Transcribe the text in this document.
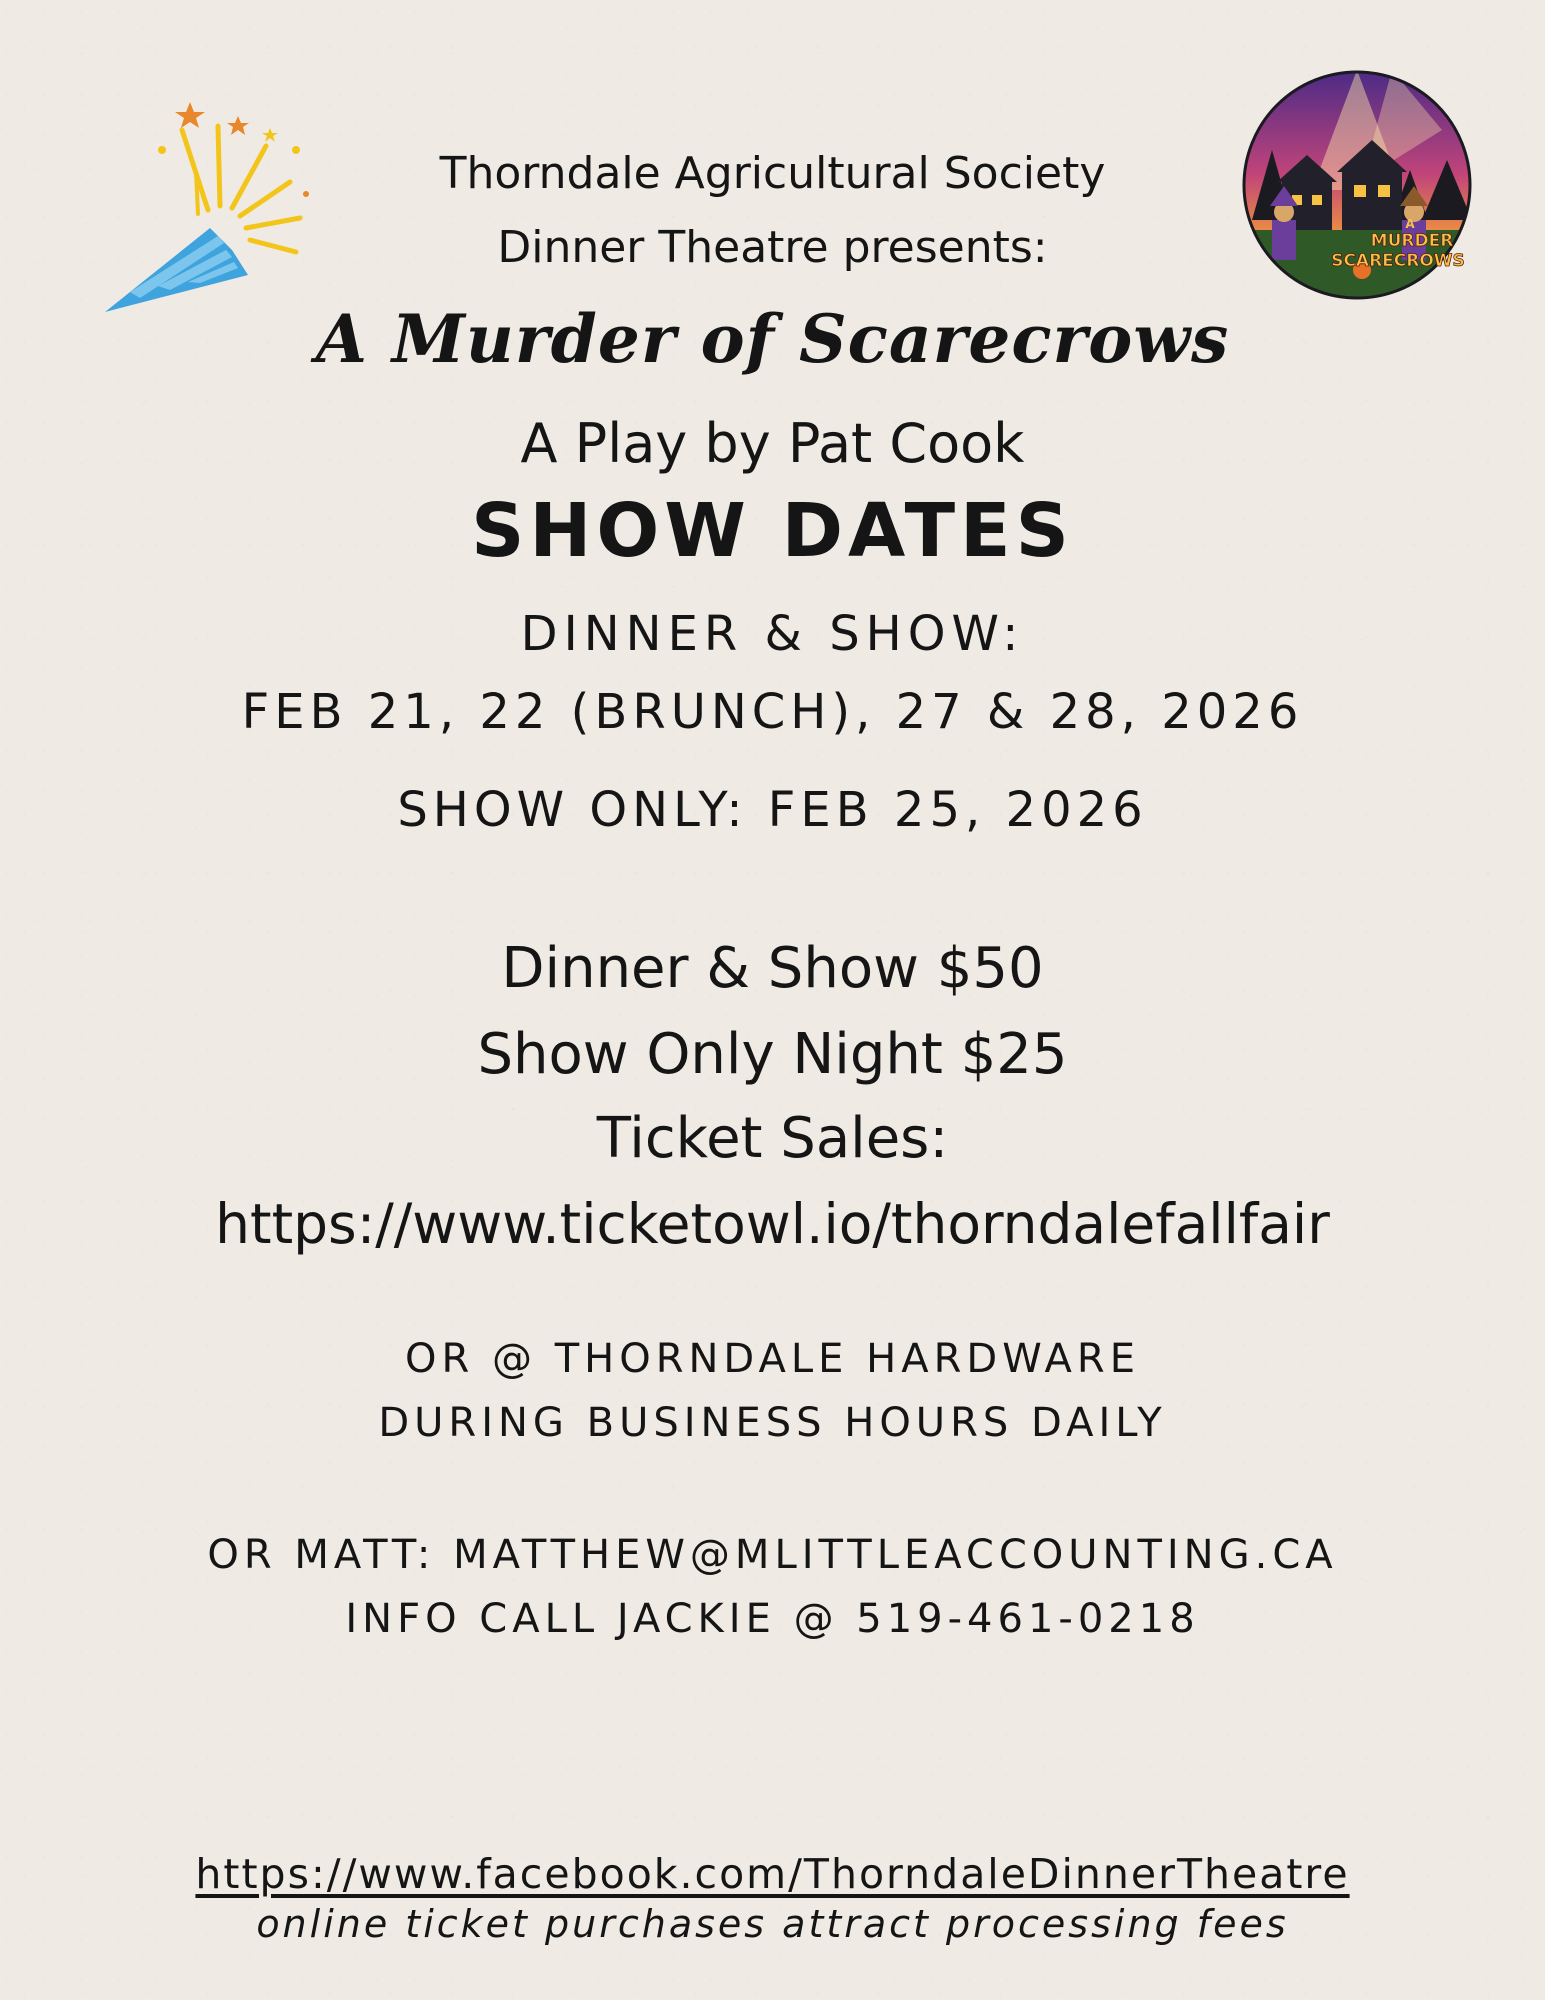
A
MURDER
SCARECROWS

Thorndale Agricultural Society

Dinner Theatre presents:

A Murder of Scarecrows

A Play by Pat Cook

SHOW DATES

DINNER & SHOW:

FEB 21, 22 (BRUNCH), 27 & 28, 2026

SHOW ONLY: FEB 25, 2026

Dinner & Show $50

Show Only Night $25

Ticket Sales:

https://www.ticketowl.io/thorndalefallfair

OR @ THORNDALE HARDWARE

DURING BUSINESS HOURS DAILY

OR MATT: MATTHEW@MLITTLEACCOUNTING.CA

INFO CALL JACKIE @ 519-461-0218

https://www.facebook.com/ThorndaleDinnerTheatre

online ticket purchases attract processing fees
